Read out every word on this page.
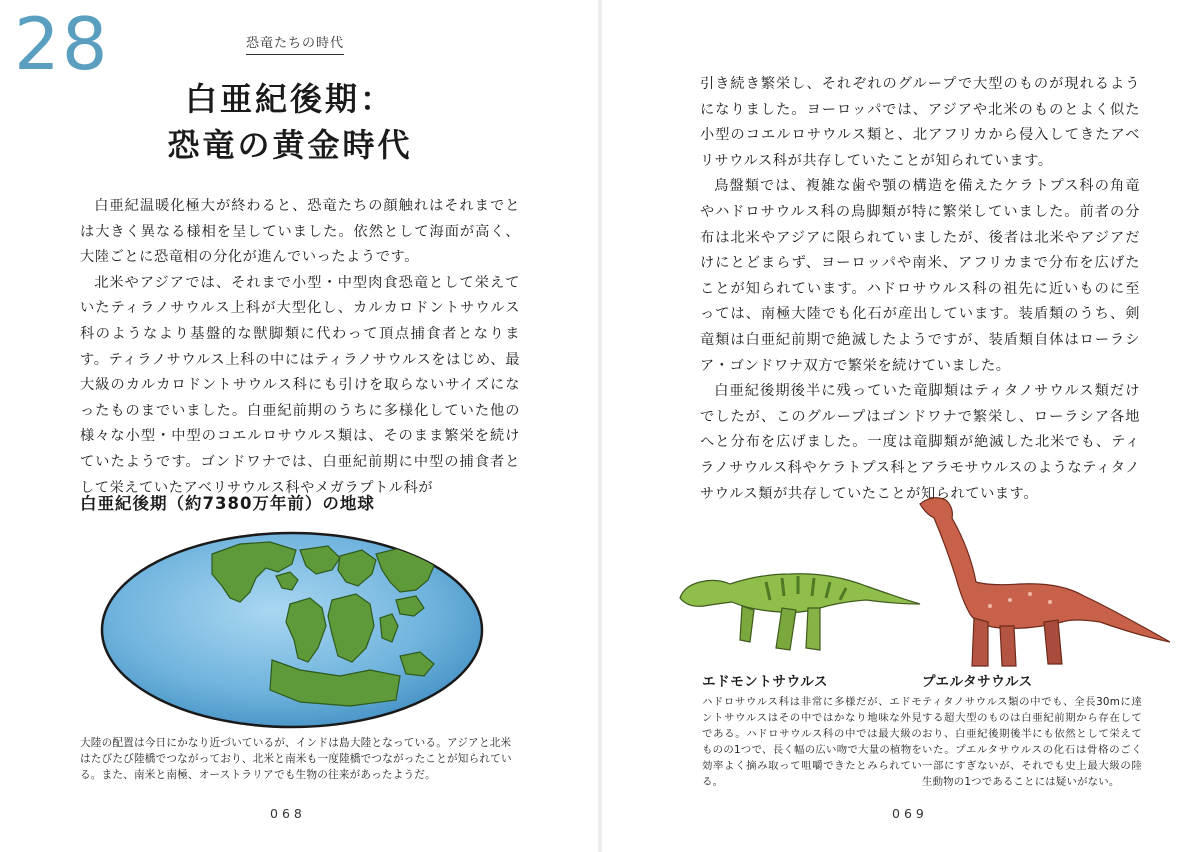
28	恐竜たちの時代
白亜紀後期：
恐竜の黄金時代

白亜紀温暖化極大が終わると、恐竜たちの顔触れはそれまでとは大きく異なる様相を呈していました。依然として海面が高く、大陸ごとに恐竜相の分化が進んでいったようです。

北米やアジアでは、それまで小型・中型肉食恐竜として栄えていたティラノサウルス上科が大型化し、カルカロドントサウルス科のようなより基盤的な獣脚類に代わって頂点捕食者となります。ティラノサウルス上科の中にはティラノサウルスをはじめ、最大級のカルカロドントサウルス科にも引けを取らないサイズになったものまでいました。白亜紀前期のうちに多様化していた他の様々な小型・中型のコエルロサウルス類は、そのまま繁栄を続けていたようです。ゴンドワナでは、白亜紀前期に中型の捕食者として栄えていたアベリサウルス科やメガラプトル科が

白亜紀後期（約7380万年前）の地球
大陸の配置は今日にかなり近づいているが、インドは島大陸となっている。アジアと北米はたびたび陸橋でつながっており、北米と南米も一度陸橋でつながったことが知られている。また、南米と南極、オーストラリアでも生物の往来があったようだ。
068

引き続き繁栄し、それぞれのグループで大型のものが現れるようになりました。ヨーロッパでは、アジアや北米のものとよく似た小型のコエルロサウルス類と、北アフリカから侵入してきたアベリサウルス科が共存していたことが知られています。

鳥盤類では、複雑な歯や顎の構造を備えたケラトプス科の角竜やハドロサウルス科の鳥脚類が特に繁栄していました。前者の分布は北米やアジアに限られていましたが、後者は北米やアジアだけにとどまらず、ヨーロッパや南米、アフリカまで分布を広げたことが知られています。ハドロサウルス科の祖先に近いものに至っては、南極大陸でも化石が産出しています。装盾類のうち、剣竜類は白亜紀前期で絶滅したようですが、装盾類自体はローラシア・ゴンドワナ双方で繁栄を続けていました。

白亜紀後期後半に残っていた竜脚類はティタノサウルス類だけでしたが、このグループはゴンドワナで繁栄し、ローラシア各地へと分布を広げました。一度は竜脚類が絶滅した北米でも、ティラノサウルス科やケラトプス科とアラモサウルスのようなティタノサウルス類が共存していたことが知られています。

エドモントサウルス
ハドロサウルス科は非常に多様だが、エドモントサウルスはその中ではかなり地味な外見である。ハドロサウルス科の中では最大級のものの1つで、長く幅の広い吻で大量の植物を効率よく摘み取って咀嚼できたとみられている。
プエルタサウルス
ティタノサウルス類の中でも、全長30mに達する超大型のものは白亜紀前期から存在しており、白亜紀後期後半にも依然として栄えていた。プエルタサウルスの化石は骨格のごく一部にすぎないが、それでも史上最大級の陸生動物の1つであることには疑いがない。
069
